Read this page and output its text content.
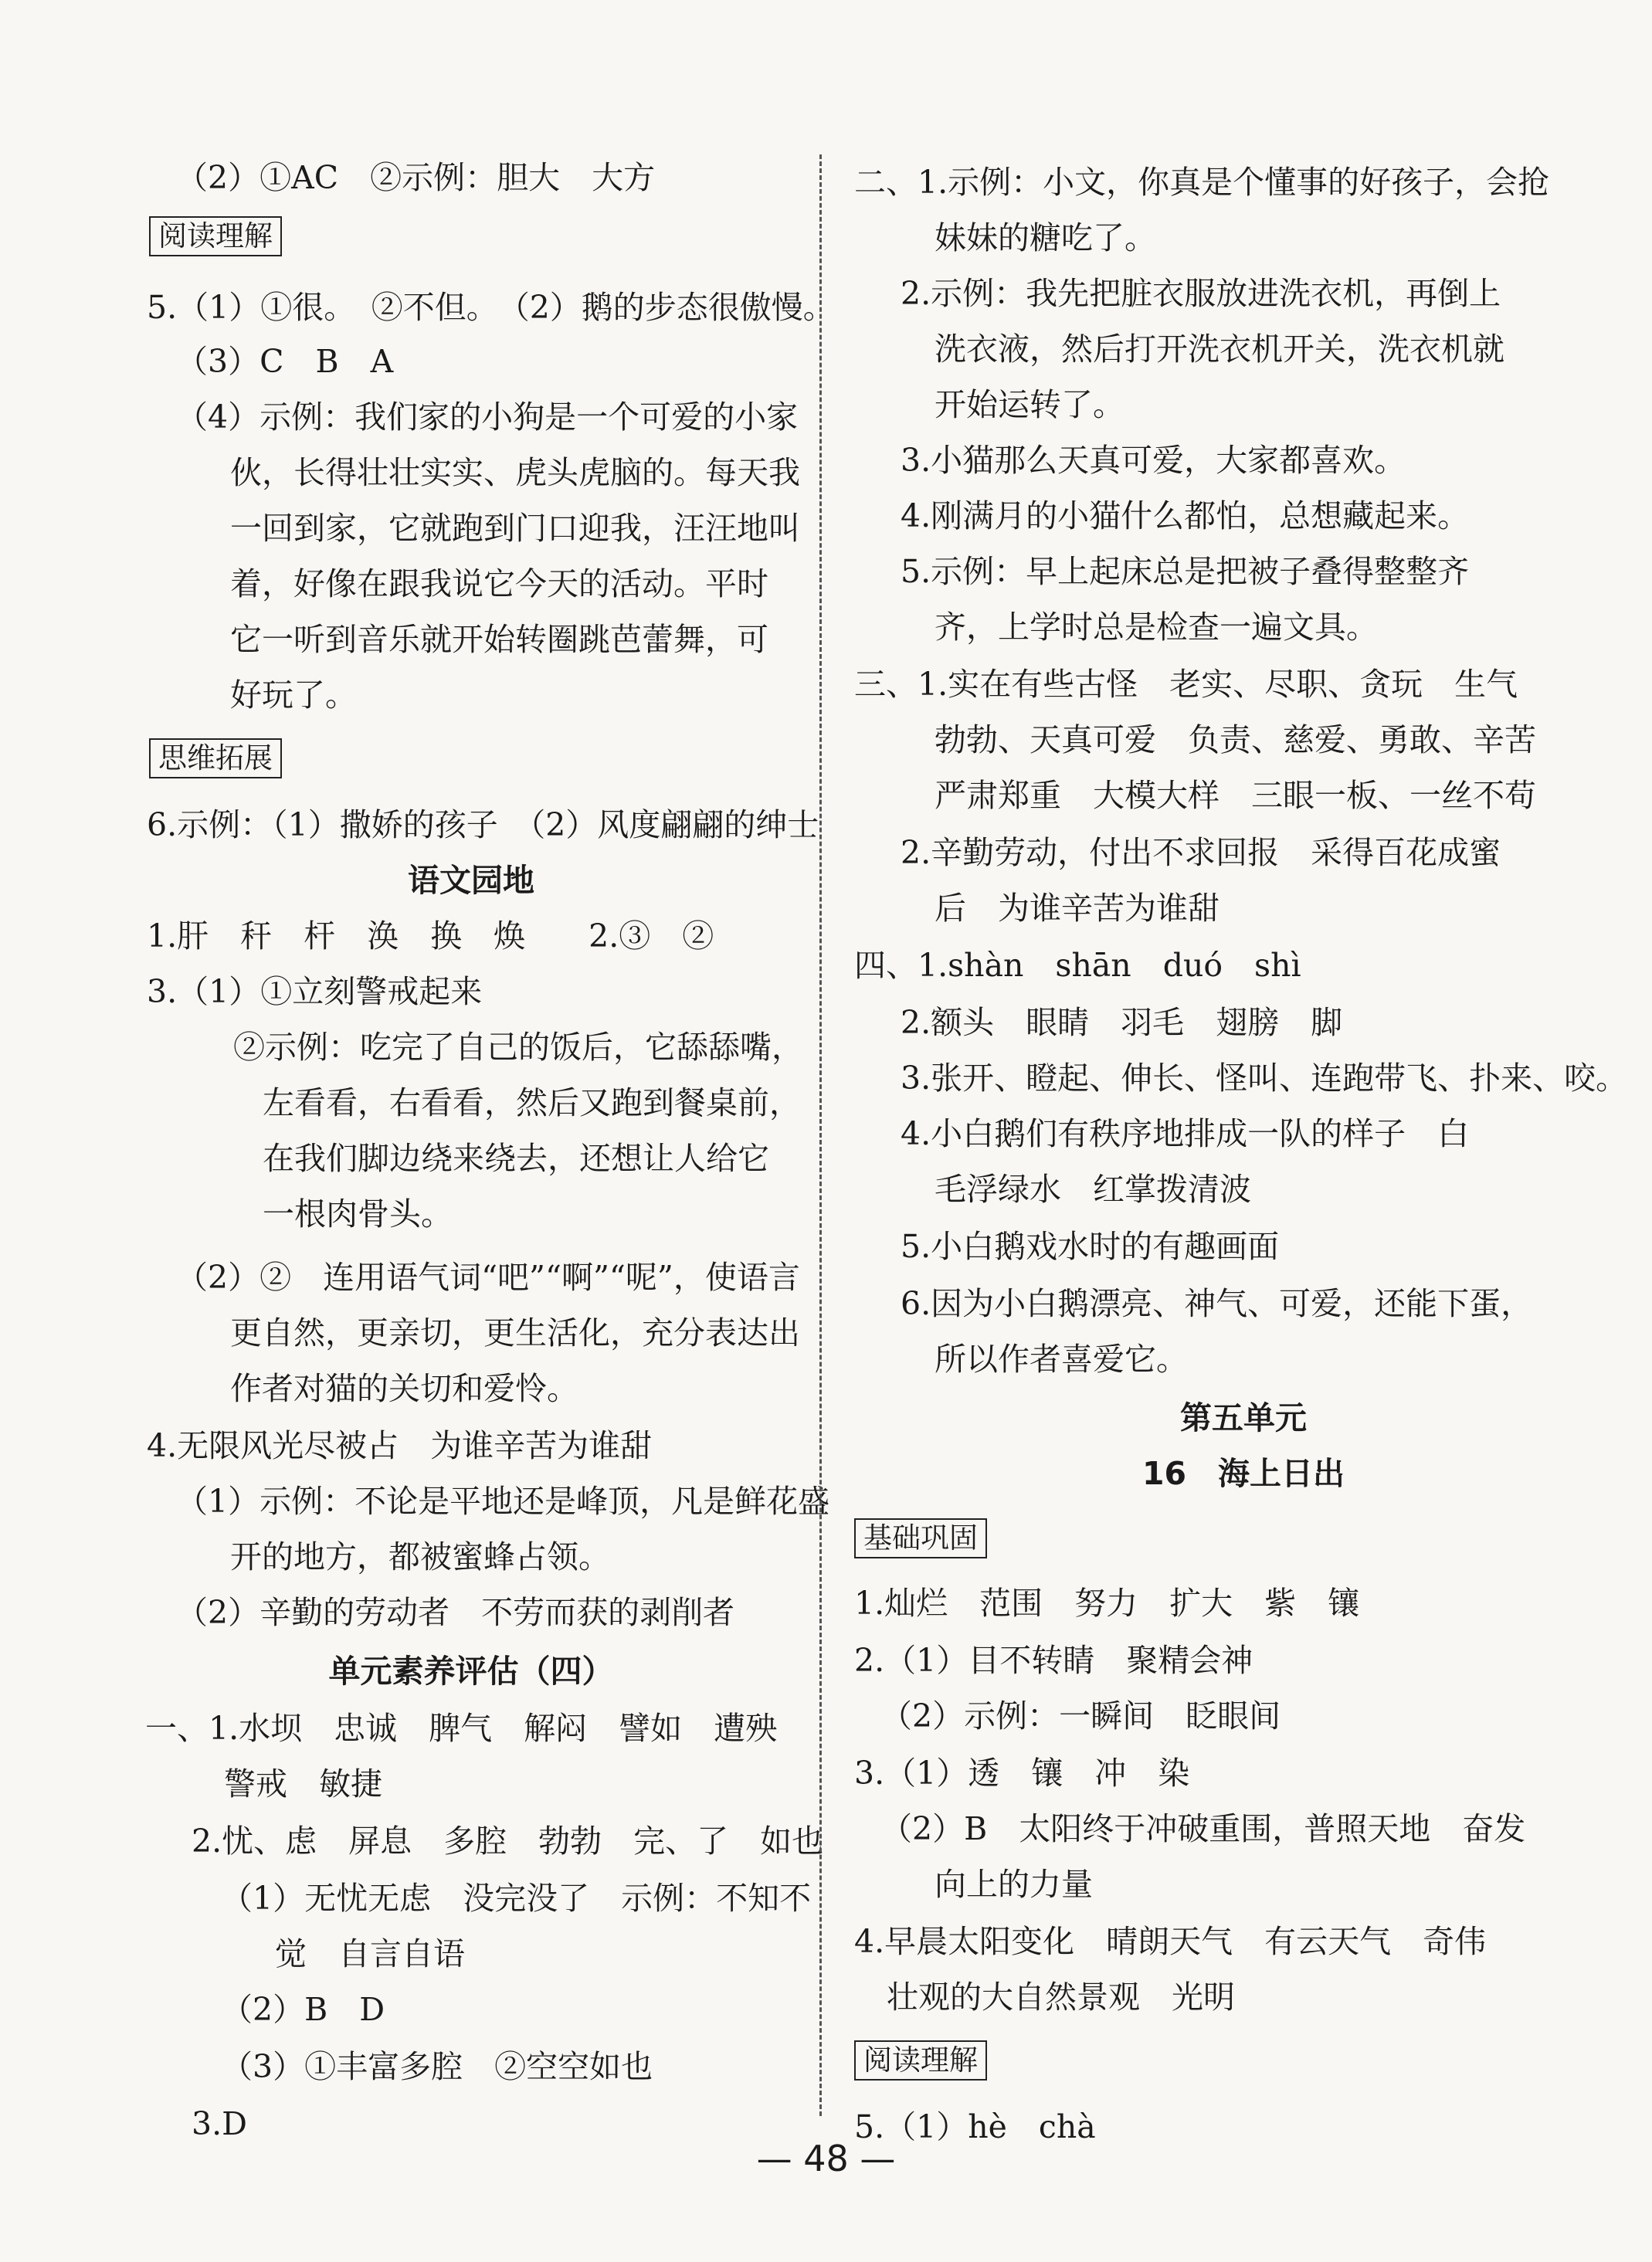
（2）①AC　②示例：胆大　大方
阅读理解
5.（1）①很。　②不但。　（2）鹅的步态很傲慢。
（3）C　B　A
（4）示例：我们家的小狗是一个可爱的小家
伙，长得壮壮实实、虎头虎脑的。每天我
一回到家，它就跑到门口迎我，汪汪地叫
着，好像在跟我说它今天的活动。平时
它一听到音乐就开始转圈跳芭蕾舞，可
好玩了。
思维拓展
6.示例：（1）撒娇的孩子　（2）风度翩翩的绅士
语文园地
1.肝　秆　杆　涣　换　焕　　2.③　②
3.（1）①立刻警戒起来
②示例：吃完了自己的饭后，它舔舔嘴，
左看看，右看看，然后又跑到餐桌前，
在我们脚边绕来绕去，还想让人给它
一根肉骨头。
（2）②　连用语气词“吧”“啊”“呢”，使语言
更自然，更亲切，更生活化，充分表达出
作者对猫的关切和爱怜。
4.无限风光尽被占　为谁辛苦为谁甜
（1）示例：不论是平地还是峰顶，凡是鲜花盛
开的地方，都被蜜蜂占领。
（2）辛勤的劳动者　不劳而获的剥削者
单元素养评估（四）
一、1.水坝　忠诚　脾气　解闷　譬如　遭殃
警戒　敏捷
2.忧、虑　屏息　多腔　勃勃　完、了　如也
（1）无忧无虑　没完没了　示例：不知不
觉　自言自语
（2）B　D
（3）①丰富多腔　②空空如也
3.D
二、1.示例：小文，你真是个懂事的好孩子，会抢
妹妹的糖吃了。
2.示例：我先把脏衣服放进洗衣机，再倒上
洗衣液，然后打开洗衣机开关，洗衣机就
开始运转了。
3.小猫那么天真可爱，大家都喜欢。
4.刚满月的小猫什么都怕，总想藏起来。
5.示例：早上起床总是把被子叠得整整齐
齐，上学时总是检查一遍文具。
三、1.实在有些古怪　老实、尽职、贪玩　生气
勃勃、天真可爱　负责、慈爱、勇敢、辛苦
严肃郑重　大模大样　三眼一板、一丝不苟
2.辛勤劳动，付出不求回报　采得百花成蜜
后　为谁辛苦为谁甜
四、1.shàn　shān　duó　shì
2.额头　眼睛　羽毛　翅膀　脚
3.张开、瞪起、伸长、怪叫、连跑带飞、扑来、咬。
4.小白鹅们有秩序地排成一队的样子　白
毛浮绿水　红掌拨清波
5.小白鹅戏水时的有趣画面
6.因为小白鹅漂亮、神气、可爱，还能下蛋，
所以作者喜爱它。
第五单元
16　海上日出
基础巩固
1.灿烂　范围　努力　扩大　紫　镶
2.（1）目不转睛　聚精会神
（2）示例：一瞬间　眨眼间
3.（1）透　镶　冲　染
（2）B　太阳终于冲破重围，普照天地　奋发
向上的力量
4.早晨太阳变化　晴朗天气　有云天气　奇伟
壮观的大自然景观　光明
阅读理解
5.（1）hè　chà
— 48 —
